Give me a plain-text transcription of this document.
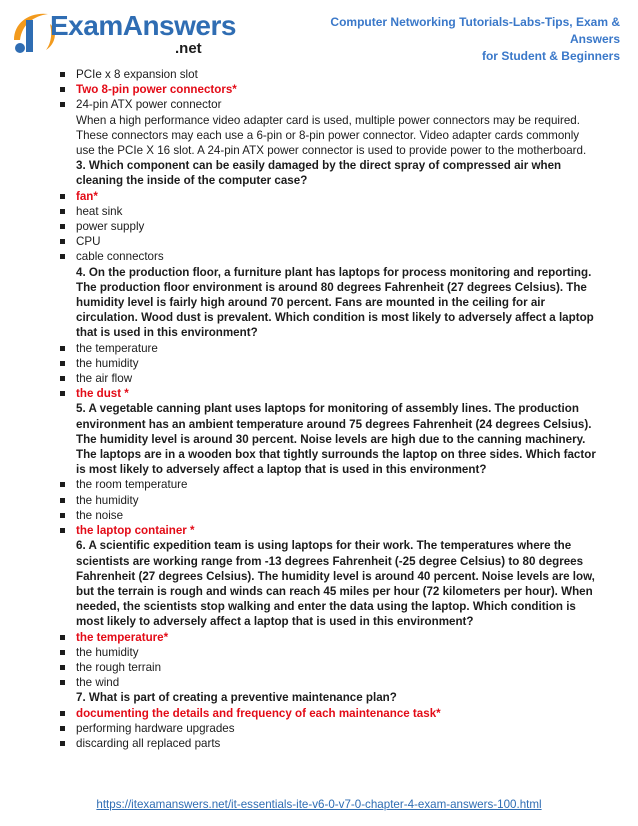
ExamAnswers
.net
Computer Networking Tutorials-Labs-Tips, Exam & Answers
for Student & Beginners
PCIe x 8 expansion slot
Two 8-pin power connectors*
24-pin ATX power connector
When a high performance video adapter card is used, multiple power connectors may be required. These connectors may each use a 6-pin or 8-pin power connector. Video adapter cards commonly use the PCIe X 16 slot. A 24-pin ATX power connector is used to provide power to the motherboard.
3. Which component can be easily damaged by the direct spray of compressed air when cleaning the inside of the computer case?
fan*
heat sink
power supply
CPU
cable connectors
4. On the production floor, a furniture plant has laptops for process monitoring and reporting. The production floor environment is around 80 degrees Fahrenheit (27 degrees Celsius). The humidity level is fairly high around 70 percent. Fans are mounted in the ceiling for air circulation. Wood dust is prevalent. Which condition is most likely to adversely affect a laptop that is used in this environment?
the temperature
the humidity
the air flow
the dust *
5. A vegetable canning plant uses laptops for monitoring of assembly lines. The production environment has an ambient temperature around 75 degrees Fahrenheit (24 degrees Celsius). The humidity level is around 30 percent. Noise levels are high due to the canning machinery. The laptops are in a wooden box that tightly surrounds the laptop on three sides. Which factor is most likely to adversely affect a laptop that is used in this environment?
the room temperature
the humidity
the noise
the laptop container *
6. A scientific expedition team is using laptops for their work. The temperatures where the scientists are working range from -13 degrees Fahrenheit (-25 degree Celsius) to 80 degrees Fahrenheit (27 degrees Celsius). The humidity level is around 40 percent. Noise levels are low, but the terrain is rough and winds can reach 45 miles per hour (72 kilometers per hour). When needed, the scientists stop walking and enter the data using the laptop. Which condition is most likely to adversely affect a laptop that is used in this environment?
the temperature*
the humidity
the rough terrain
the wind
7. What is part of creating a preventive maintenance plan?
documenting the details and frequency of each maintenance task*
performing hardware upgrades
discarding all replaced parts
https://itexamanswers.net/it-essentials-ite-v6-0-v7-0-chapter-4-exam-answers-100.html
